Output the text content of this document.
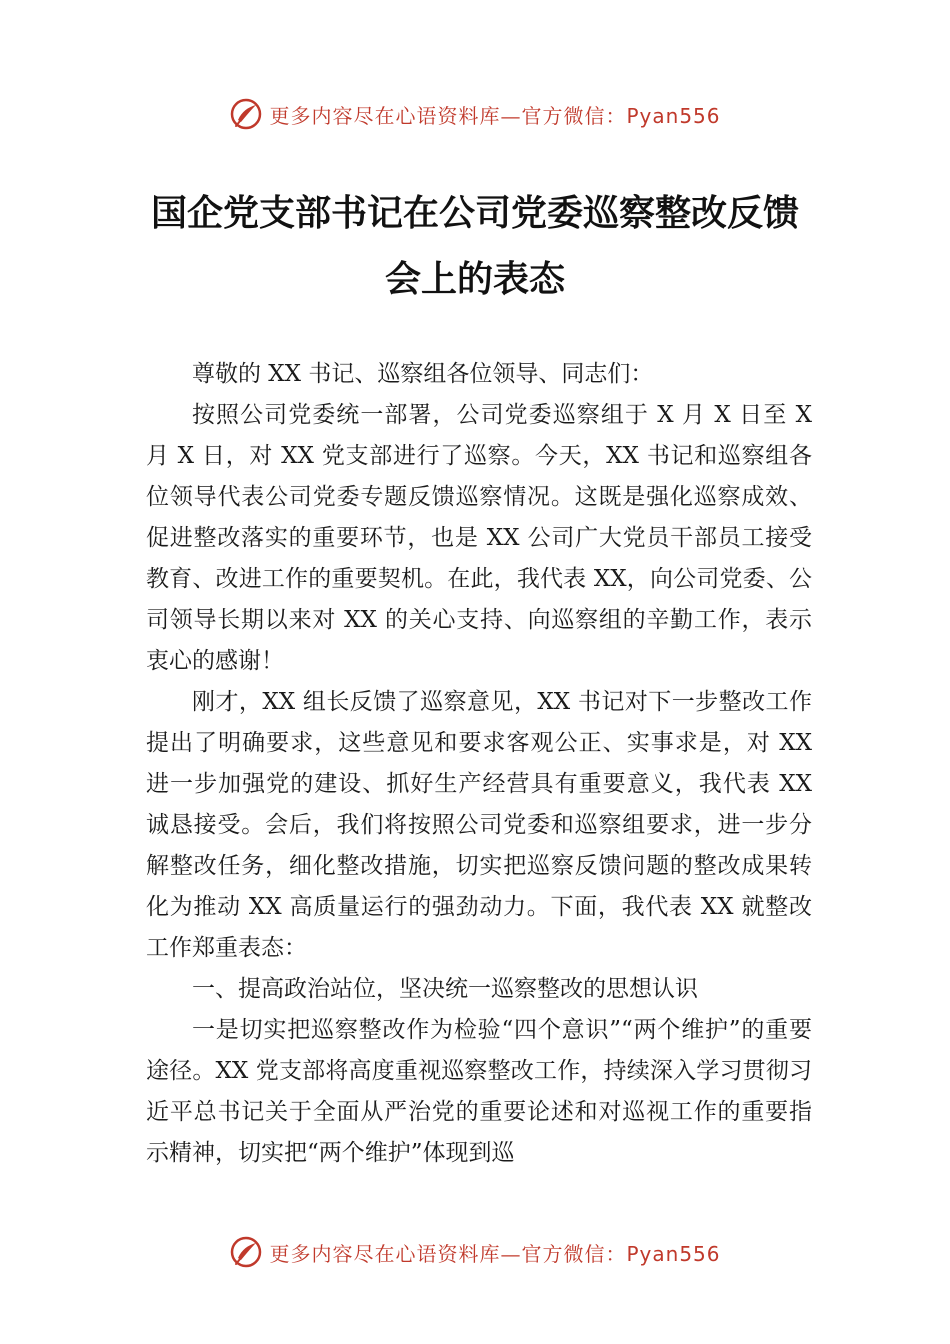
更多内容尽在心语资料库—官方微信：Pyan556
国企党支部书记在公司党委巡察整改反馈
会上的表态

尊敬的 XX 书记、巡察组各位领导、同志们：

按照公司党委统一部署，公司党委巡察组于 X 月 X 日至 X 月 X 日，对 XX 党支部进行了巡察。今天，XX 书记和巡察组各位领导代表公司党委专题反馈巡察情况。这既是强化巡察成效、促进整改落实的重要环节，也是 XX 公司广大党员干部员工接受教育、改进工作的重要契机。在此，我代表 XX，向公司党委、公司领导长期以来对 XX 的关心支持、向巡察组的辛勤工作，表示衷心的感谢！

刚才，XX 组长反馈了巡察意见，XX 书记对下一步整改工作提出了明确要求，这些意见和要求客观公正、实事求是，对 XX 进一步加强党的建设、抓好生产经营具有重要意义，我代表 XX 诚恳接受。会后，我们将按照公司党委和巡察组要求，进一步分解整改任务，细化整改措施，切实把巡察反馈问题的整改成果转化为推动 XX 高质量运行的强劲动力。下面，我代表 XX 就整改工作郑重表态：

一、提高政治站位，坚决统一巡察整改的思想认识

一是切实把巡察整改作为检验“四个意识”“两个维护”的重要途径。XX 党支部将高度重视巡察整改工作，持续深入学习贯彻习近平总书记关于全面从严治党的重要论述和对巡视工作的重要指示精神，切实把“两个维护”体现到巡

更多内容尽在心语资料库—官方微信：Pyan556
